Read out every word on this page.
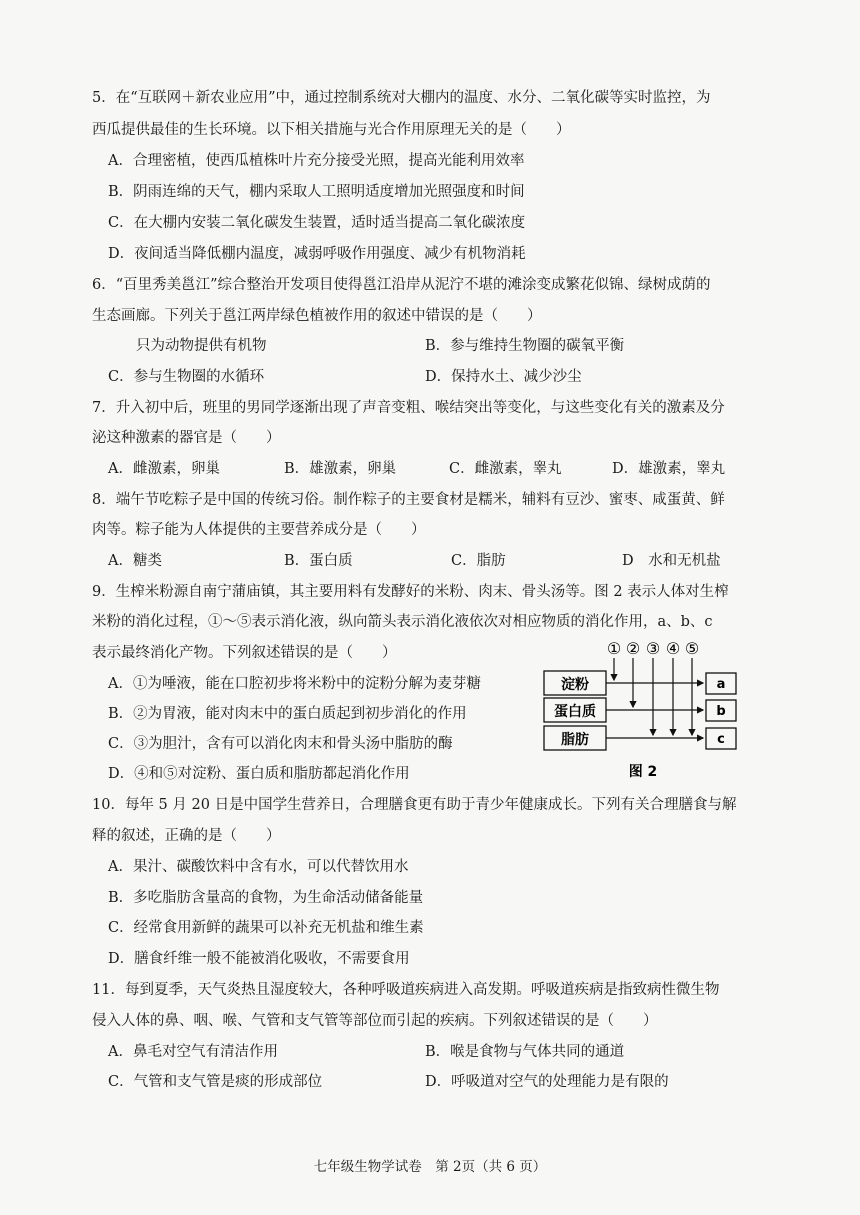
5．在“互联网＋新农业应用”中，通过控制系统对大棚内的温度、水分、二氧化碳等实时监控，为
西瓜提供最佳的生长环境。以下相关措施与光合作用原理无关的是（　　）
A．合理密植，使西瓜植株叶片充分接受光照，提高光能利用效率
B．阴雨连绵的天气，棚内采取人工照明适度增加光照强度和时间
C．在大棚内安装二氧化碳发生装置，适时适当提高二氧化碳浓度
D．夜间适当降低棚内温度，减弱呼吸作用强度、减少有机物消耗
6．“百里秀美邕江”综合整治开发项目使得邕江沿岸从泥泞不堪的滩涂变成繁花似锦、绿树成荫的
生态画廊。下列关于邕江两岸绿色植被作用的叙述中错误的是（　　）
只为动物提供有机物	B．参与维持生物圈的碳氧平衡
C．参与生物圈的水循环	D．保持水土、减少沙尘
7．升入初中后，班里的男同学逐渐出现了声音变粗、喉结突出等变化，与这些变化有关的激素及分
泌这种激素的器官是（　　）
A．雌激素，卵巢	B．雄激素，卵巢	C．雌激素，睾丸	D．雄激素，睾丸
8．端午节吃粽子是中国的传统习俗。制作粽子的主要食材是糯米，辅料有豆沙、蜜枣、咸蛋黄、鲜
肉等。粽子能为人体提供的主要营养成分是（　　）
A．糖类	B．蛋白质	C．脂肪	D　水和无机盐
9．生榨米粉源自南宁蒲庙镇，其主要用料有发酵好的米粉、肉末、骨头汤等。图 2 表示人体对生榨
米粉的消化过程，①～⑤表示消化液，纵向箭头表示消化液依次对相应物质的消化作用，a、b、c
表示最终消化产物。下列叙述错误的是（　　）
A．①为唾液，能在口腔初步将米粉中的淀粉分解为麦芽糖
B．②为胃液，能对肉末中的蛋白质起到初步消化的作用
C．③为胆汁，含有可以消化肉末和骨头汤中脂肪的酶
D．④和⑤对淀粉、蛋白质和脂肪都起消化作用
① ② ③ ④ ⑤
淀粉
蛋白质
脂肪
a
b
c
图 2
10．每年 5 月 20 日是中国学生营养日，合理膳食更有助于青少年健康成长。下列有关合理膳食与解
释的叙述，正确的是（　　）
A．果汁、碳酸饮料中含有水，可以代替饮用水
B．多吃脂肪含量高的食物，为生命活动储备能量
C．经常食用新鲜的蔬果可以补充无机盐和维生素
D．膳食纤维一般不能被消化吸收，不需要食用
11．每到夏季，天气炎热且湿度较大，各种呼吸道疾病进入高发期。呼吸道疾病是指致病性微生物
侵入人体的鼻、咽、喉、气管和支气管等部位而引起的疾病。下列叙述错误的是（　　）
A．鼻毛对空气有清洁作用	B．喉是食物与气体共同的通道
C．气管和支气管是痰的形成部位	D．呼吸道对空气的处理能力是有限的
七年级生物学试卷　第 2页（共 6 页）
